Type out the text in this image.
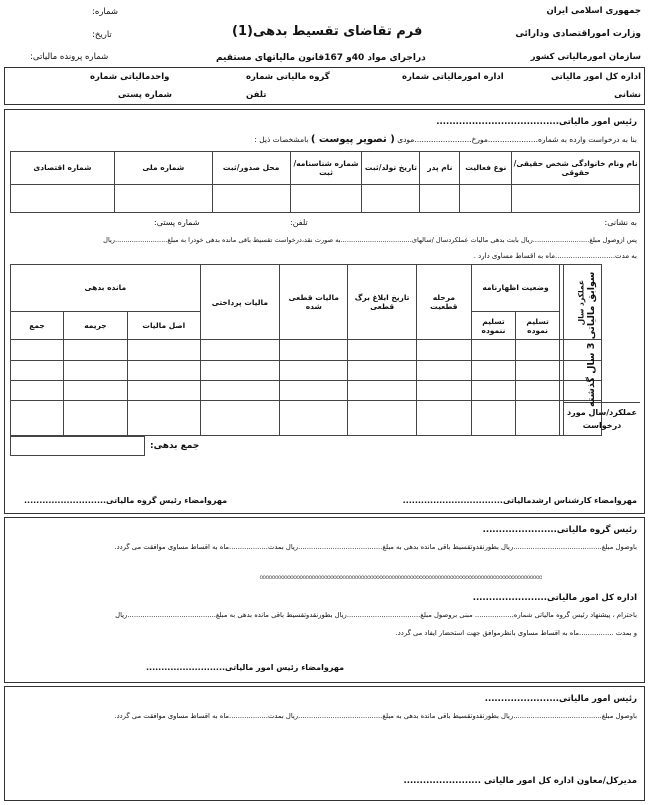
جمهوری اسلامی ایران
وزارت اموراقتصادی ودارائی
سازمان امورمالیاتی کشور
فرم تقاضای تقسیط بدهی(1)
دراجرای مواد 40و 167قانون مالیاتهای مستقیم
شماره:
تاریخ:
شماره پرونده مالیاتی:
اداره کل امور مالیاتی
اداره امورمالیاتی شماره
گروه مالیاتی شماره
واحدمالیاتی شماره
نشانی
تلفن
شماره پستی
رئیس امور مالیاتی......................................
بنا به درخواست وارده به شماره.....................مورخ........................مودی ( تصویر پیوست ) بامشخصات ذیل :
نام ونام خانوادگی شخص حقیقی/حقوقی	نوع فعالیت	نام پدر	تاریخ تولد/ثبت	شماره شناسنامه/ثبت	محل صدور/ثبت	شماره ملی	شماره اقتصادی

به نشانی:
تلفن:
شماره پستی:
پس ازوصول مبلغ...........................ریال بابت بدهی مالیات عملکردسال /سالهای..................................به صورت نقد،درخواست تقسیط باقی مانده بدهی خودرا به مبلغ.........................ریال
به مدت...........................ماه به اقساط مساوی دارد .
عملکرد سال	وضعیت اظهارنامه		مرحله قطعیت	تاریخ ابلاغ برگ قطعی	مالیات قطعی شده	مالیات پرداختی	مانده بدهی		
	تسلیم نموده	تسلیم ننموده					اصل مالیات	جریمه	جمع

سوابق مالیاتی 3 سال گذشته
عملکرد/سال مورد درخواست
جمع بدهی:
مهروامضاء کارشناس ارشدمالیاتی.................................
مهروامضاء رئیس گروه مالیاتی...........................
رئیس گروه مالیاتی.......................
باوصول مبلغ.........................................ریال بطورنقدوتقسیط باقی مانده بدهی به مبلغ.......................................ریال بمدت..................ماه به اقساط مساوی موافقت می گردد.
oooooooooooooooooooooooooooooooooooooooooooooooooooooooooooooooooooooooooooooooooooooooooooo
اداره کل امور مالیاتی.......................
باحترام ، پیشنهاد رئیس گروه مالیاتی شماره.................. مبنی بروصول مبلغ..................................ریال بطورنقدوتقسیط باقی مانده بدهی به مبلغ.........................................ریال
و بمدت ................ماه به اقساط مساوی بانظرموافق جهت استحضار ایفاد می گردد.
مهروامضاء رئیس امور مالیاتی..........................
رئیس امور مالیاتی.......................
باوصول مبلغ.........................................ریال بطورنقدوتقسیط باقی مانده بدهی به مبلغ.......................................ریال بمدت..................ماه به اقساط مساوی موافقت می گردد.
مدیرکل/معاون اداره کل امور مالیاتی ........................
